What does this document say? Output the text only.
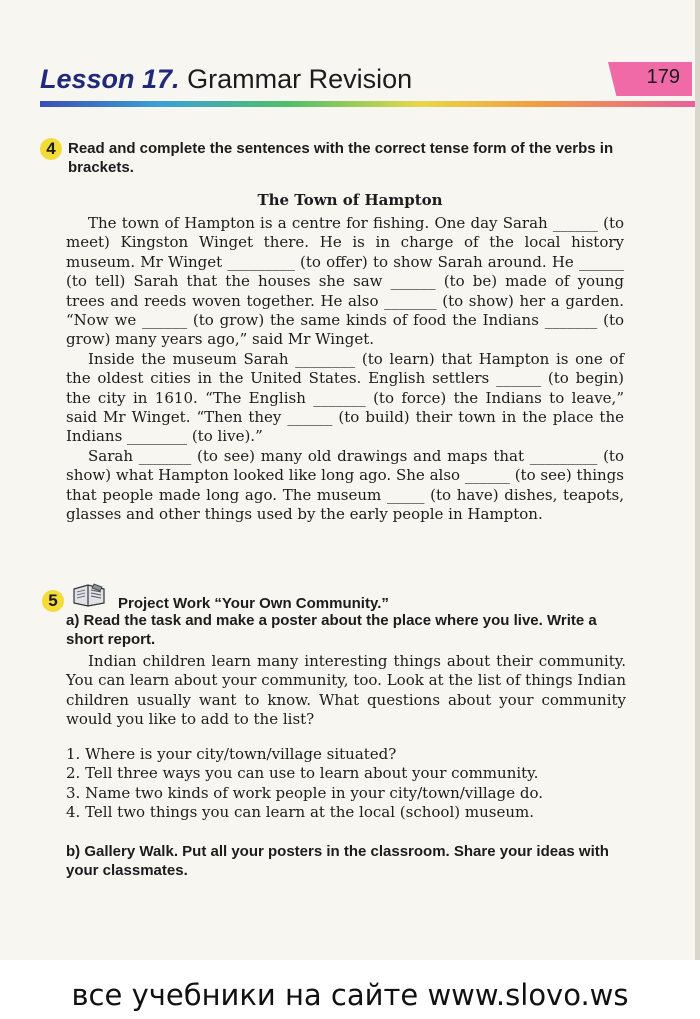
Lesson 17. Grammar Revision	179
4 Read and complete the sentences with the correct tense form of the verbs in brackets.

The Town of Hampton

The town of Hampton is a centre for fishing. One day Sarah ______ (to meet) Kingston Winget there. He is in charge of the local history museum. Mr Winget _________ (to offer) to show Sarah around. He ______ (to tell) Sarah that the houses she saw ______ (to be) made of young trees and reeds woven together. He also _______ (to show) her a garden. “Now we ______ (to grow) the same kinds of food the Indians _______ (to grow) many years ago,” said Mr Winget.

Inside the museum Sarah ________ (to learn) that Hampton is one of the oldest cities in the United States. English settlers ______ (to begin) the city in 1610. “The English _______ (to force) the Indians to leave,” said Mr Winget. “Then they ______ (to build) their town in the place the Indians ________ (to live).”

Sarah _______ (to see) many old drawings and maps that _________ (to show) what Hampton looked like long ago. She also ______ (to see) things that people made long ago. The museum _____ (to have) dishes, teapots, glasses and other things used by the early people in Hampton.

5	Project Work “Your Own Community.”

a) Read the task and make a poster about the place where you live. Write a short report.

Indian children learn many interesting things about their community. You can learn about your community, too. Look at the list of things Indian children usually want to know. What questions about your community would you like to add to the list?

1. Where is your city/town/village situated?
2. Tell three ways you can use to learn about your community.
3. Name two kinds of work people in your city/town/village do.
4. Tell two things you can learn at the local (school) museum.

b) Gallery Walk. Put all your posters in the classroom. Share your ideas with your classmates.

все учебники на сайте www.slovo.ws
